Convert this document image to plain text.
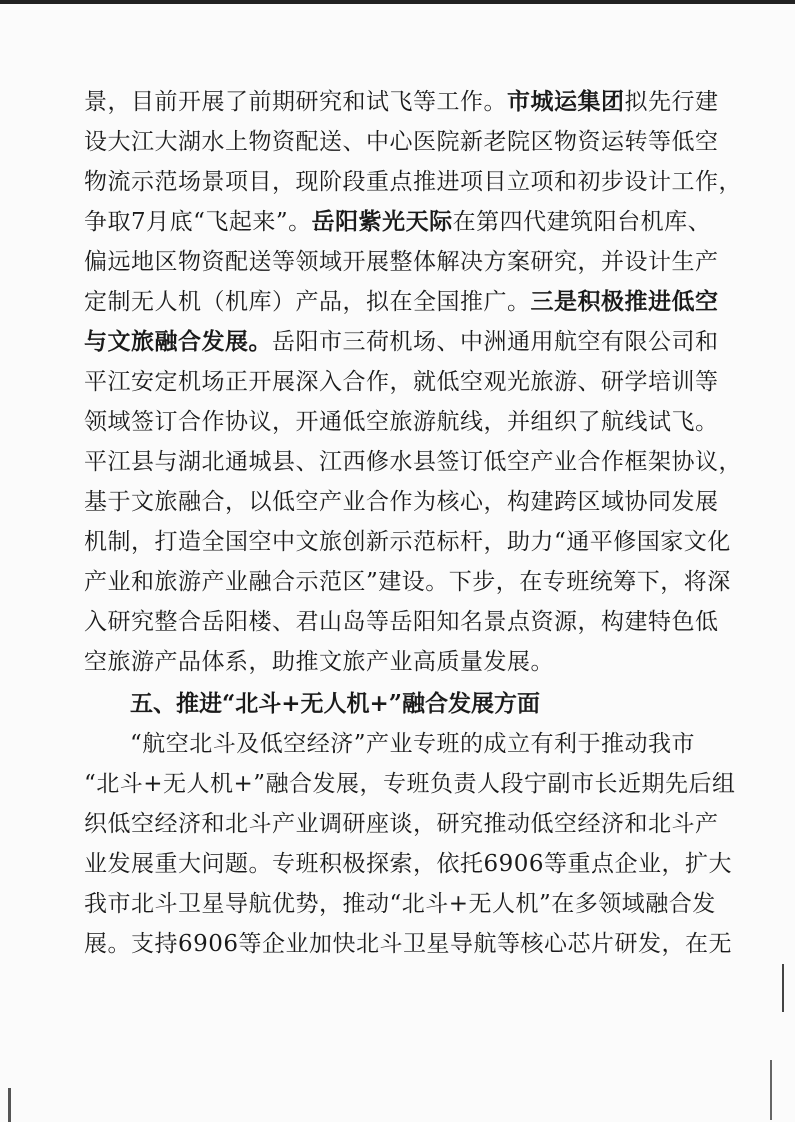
景，目前开展了前期研究和试飞等工作。市城运集团拟先行建
设大江大湖水上物资配送、中心医院新老院区物资运转等低空
物流示范场景项目，现阶段重点推进项目立项和初步设计工作，
争取7月底“飞起来”。岳阳紫光天际在第四代建筑阳台机库、
偏远地区物资配送等领域开展整体解决方案研究，并设计生产
定制无人机（机库）产品，拟在全国推广。三是积极推进低空
与文旅融合发展。岳阳市三荷机场、中洲通用航空有限公司和
平江安定机场正开展深入合作，就低空观光旅游、研学培训等
领域签订合作协议，开通低空旅游航线，并组织了航线试飞。
平江县与湖北通城县、江西修水县签订低空产业合作框架协议，
基于文旅融合，以低空产业合作为核心，构建跨区域协同发展
机制，打造全国空中文旅创新示范标杆，助力“通平修国家文化
产业和旅游产业融合示范区”建设。下步，在专班统筹下，将深
入研究整合岳阳楼、君山岛等岳阳知名景点资源，构建特色低
空旅游产品体系，助推文旅产业高质量发展。
五、推进“北斗+无人机+”融合发展方面
“航空北斗及低空经济”产业专班的成立有利于推动我市
“北斗+无人机+”融合发展，专班负责人段宁副市长近期先后组
织低空经济和北斗产业调研座谈，研究推动低空经济和北斗产
业发展重大问题。专班积极探索，依托6906等重点企业，扩大
我市北斗卫星导航优势，推动“北斗+无人机”在多领域融合发
展。支持6906等企业加快北斗卫星导航等核心芯片研发，在无
